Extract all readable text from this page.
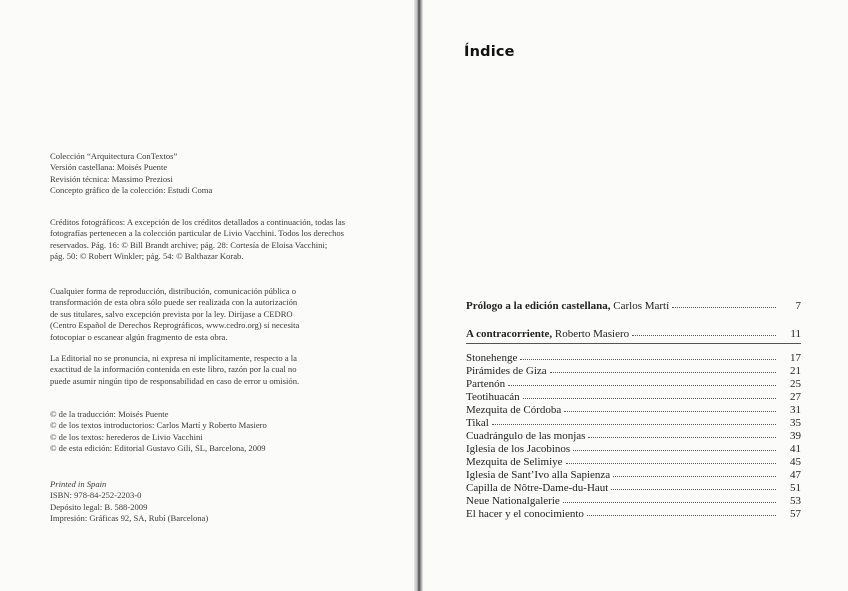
Colección “Arquitectura ConTextos”
Versión castellana: Moisés Puente
Revisión técnica: Massimo Preziosi
Concepto gráfico de la colección: Estudi Coma
Créditos fotográficos: A excepción de los créditos detallados a continuación, todas las
fotografías pertenecen a la colección particular de Livio Vacchini. Todos los derechos
reservados. Pág. 16: © Bill Brandt archive; pág. 28: Cortesía de Eloisa Vacchini;
pág. 50: © Robert Winkler; pág. 54: © Balthazar Korab.
Cualquier forma de reproducción, distribución, comunicación pública o
transformación de esta obra sólo puede ser realizada con la autorización
de sus titulares, salvo excepción prevista por la ley. Diríjase a CEDRO
(Centro Español de Derechos Reprográficos, www.cedro.org) si necesita
fotocopiar o escanear algún fragmento de esta obra.
La Editorial no se pronuncia, ni expresa ni implícitamente, respecto a la
exactitud de la información contenida en este libro, razón por la cual no
puede asumir ningún tipo de responsabilidad en caso de error u omisión.
© de la traducción: Moisés Puente
© de los textos introductorios: Carlos Martí y Roberto Masiero
© de los textos: herederos de Livio Vacchini
© de esta edición: Editorial Gustavo Gili, SL, Barcelona, 2009
Printed in Spain
ISBN: 978-84-252-2203-0
Depósito legal: B. 588-2009
Impresión: Gráficas 92, SA, Rubí (Barcelona)
Índice
Prólogo a la edición castellana, Carlos Martí	7
A contracorriente, Roberto Masiero	11
Stonehenge	17
Pirámides de Giza	21
Partenón	25
Teotihuacán	27
Mezquita de Córdoba	31
Tikal	35
Cuadrángulo de las monjas	39
Iglesia de los Jacobinos	41
Mezquita de Selimiye	45
Iglesia de Sant’Ivo alla Sapienza	47
Capilla de Nôtre-Dame-du-Haut	51
Neue Nationalgalerie	53
El hacer y el conocimiento	57
